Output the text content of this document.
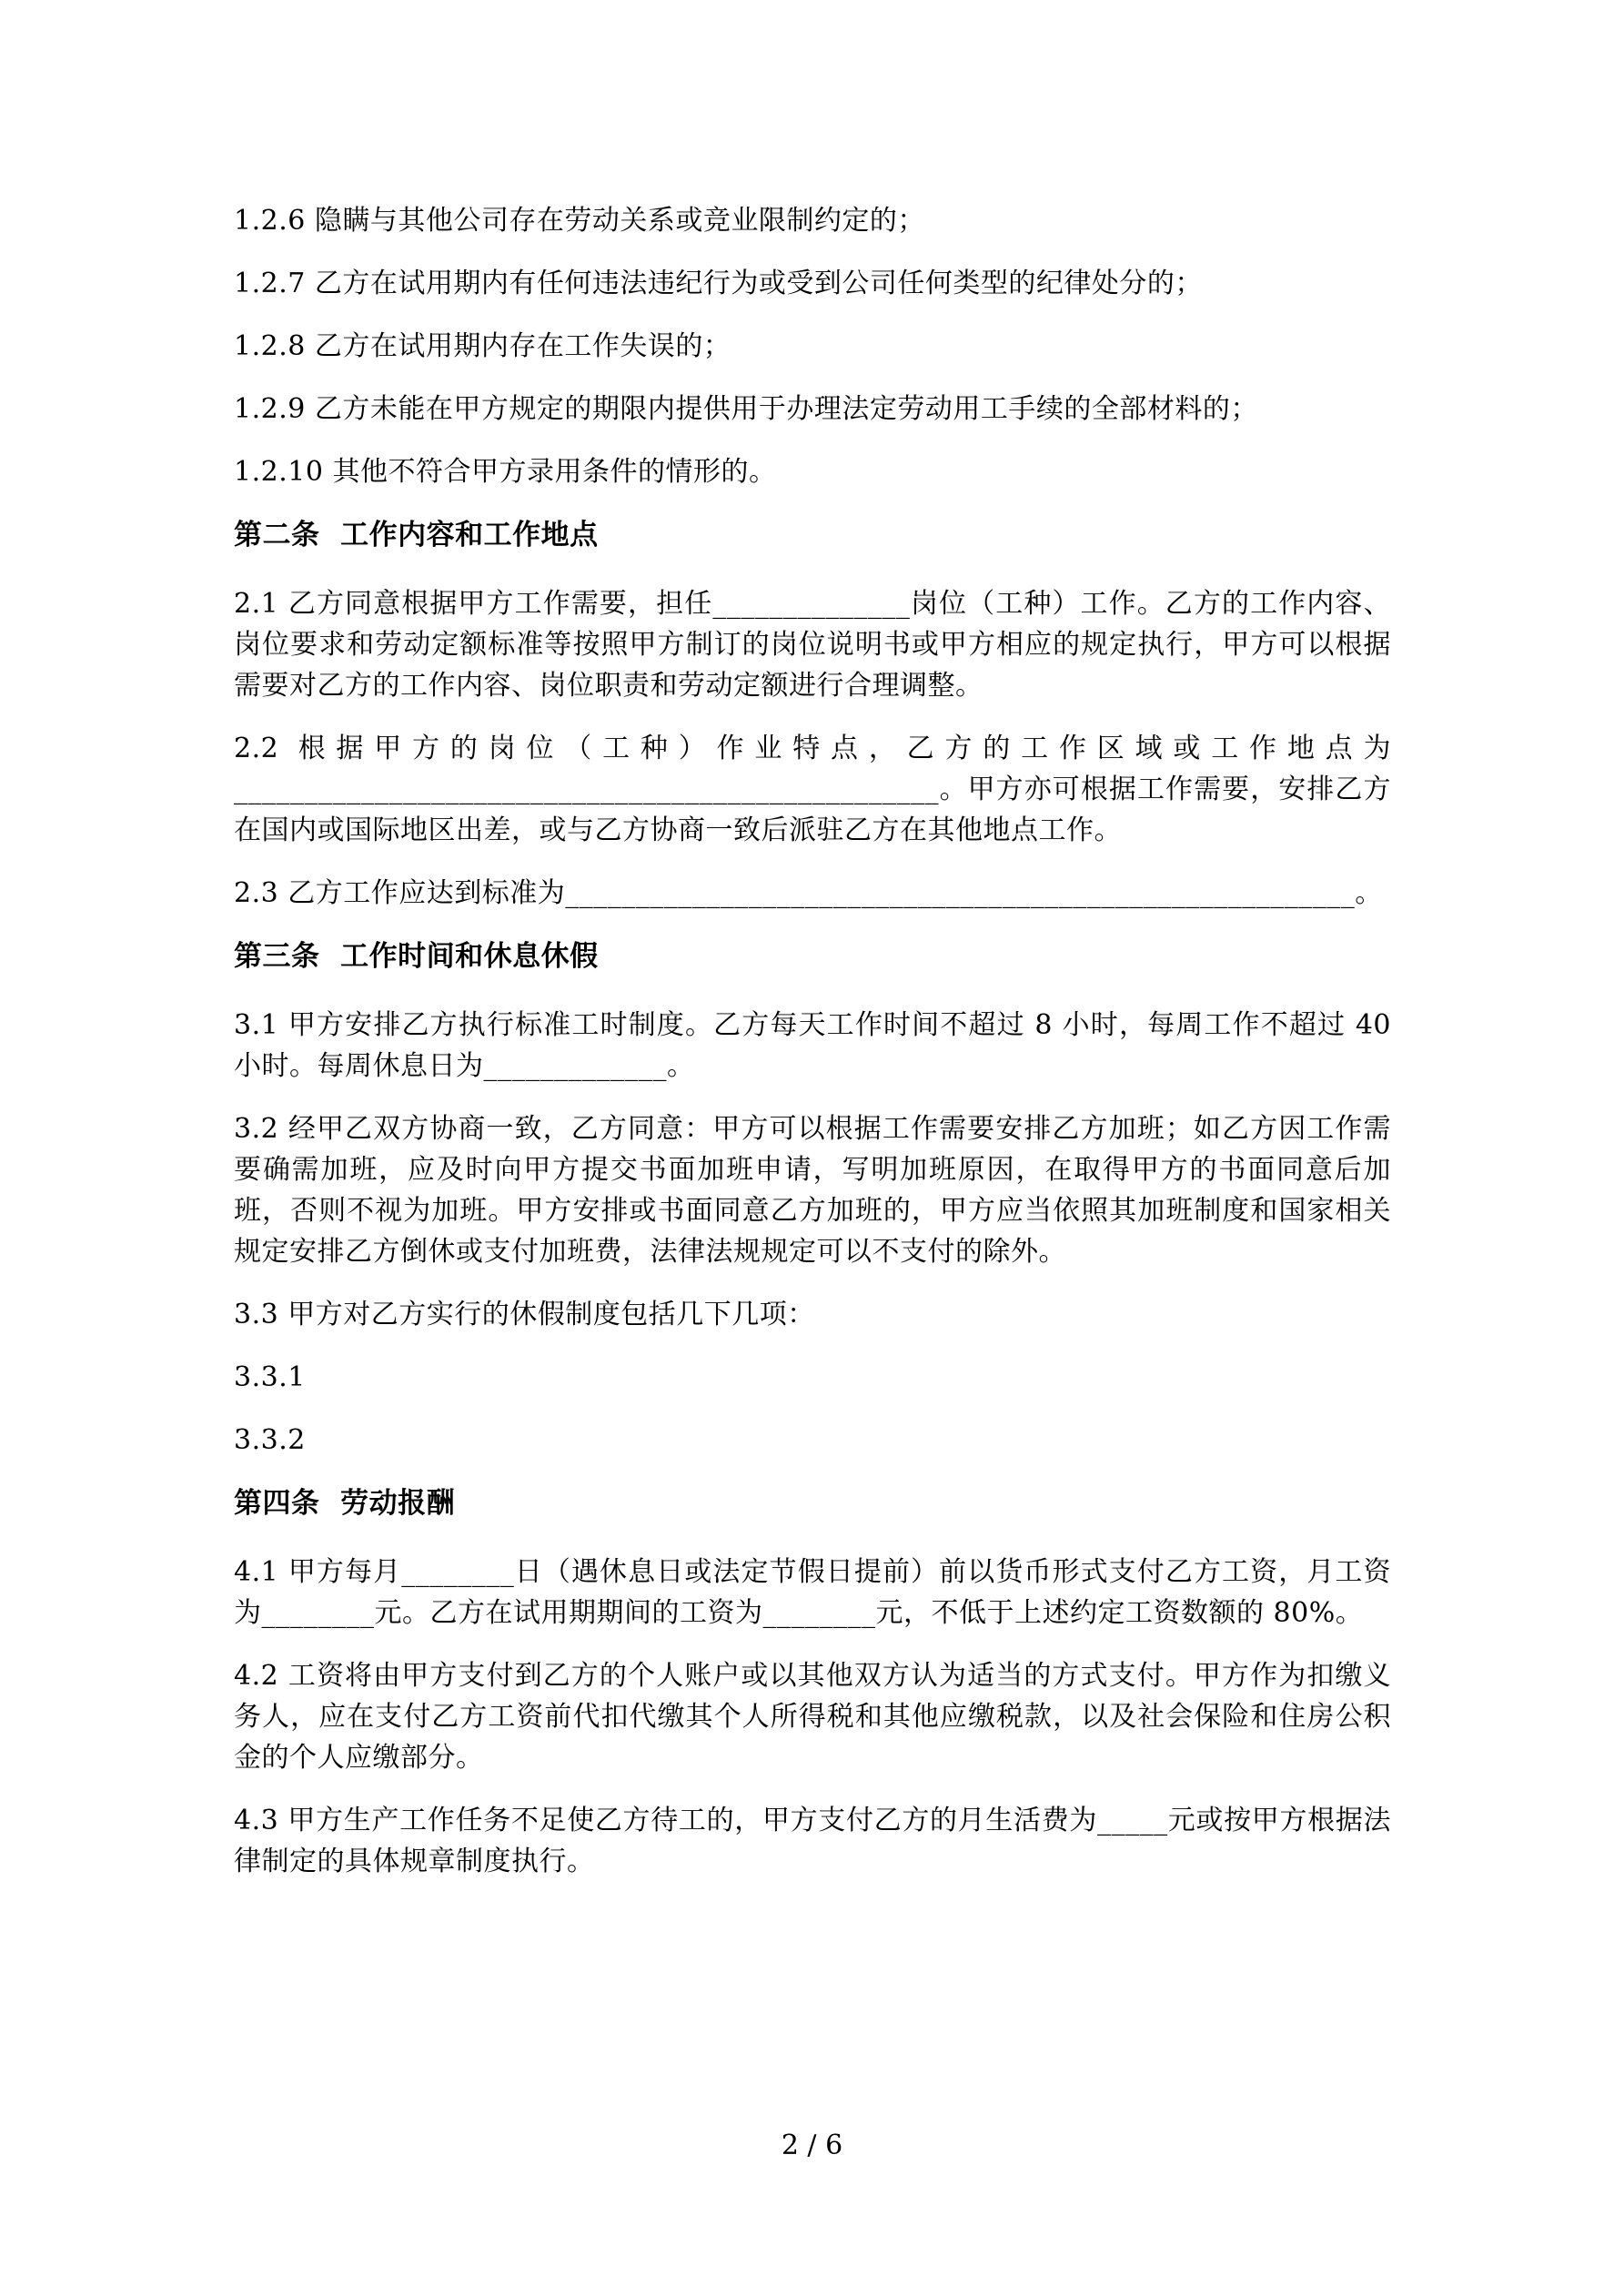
1.2.6 隐瞒与其他公司存在劳动关系或竞业限制约定的；

1.2.7 乙方在试用期内有任何违法违纪行为或受到公司任何类型的纪律处分的；

1.2.8 乙方在试用期内存在工作失误的；

1.2.9 乙方未能在甲方规定的期限内提供用于办理法定劳动用工手续的全部材料的；

1.2.10 其他不符合甲方录用条件的情形的。

第二条  工作内容和工作地点

2.1 乙方同意根据甲方工作需要，担任______________岗位（工种）工作。乙方的工作内容、岗位要求和劳动定额标准等按照甲方制订的岗位说明书或甲方相应的规定执行，甲方可以根据需要对乙方的工作内容、岗位职责和劳动定额进行合理调整。

2.2 根据甲方的岗位（工种）作业特点，乙方的工作区域或工作地点为__________________________________________________。甲方亦可根据工作需要，安排乙方在国内或国际地区出差，或与乙方协商一致后派驻乙方在其他地点工作。

2.3 乙方工作应达到标准为________________________________________________________。

第三条  工作时间和休息休假

3.1 甲方安排乙方执行标准工时制度。乙方每天工作时间不超过 8 小时，每周工作不超过 40 小时。每周休息日为_____________。

3.2 经甲乙双方协商一致，乙方同意：甲方可以根据工作需要安排乙方加班；如乙方因工作需要确需加班，应及时向甲方提交书面加班申请，写明加班原因，在取得甲方的书面同意后加班，否则不视为加班。甲方安排或书面同意乙方加班的，甲方应当依照其加班制度和国家相关规定安排乙方倒休或支付加班费，法律法规规定可以不支付的除外。

3.3 甲方对乙方实行的休假制度包括几下几项：

3.3.1

3.3.2

第四条  劳动报酬

4.1 甲方每月________日（遇休息日或法定节假日提前）前以货币形式支付乙方工资，月工资为________元。乙方在试用期期间的工资为________元，不低于上述约定工资数额的 80%。

4.2 工资将由甲方支付到乙方的个人账户或以其他双方认为适当的方式支付。甲方作为扣缴义务人，应在支付乙方工资前代扣代缴其个人所得税和其他应缴税款，以及社会保险和住房公积金的个人应缴部分。

4.3 甲方生产工作任务不足使乙方待工的，甲方支付乙方的月生活费为_____元或按甲方根据法律制定的具体规章制度执行。

2 / 6
